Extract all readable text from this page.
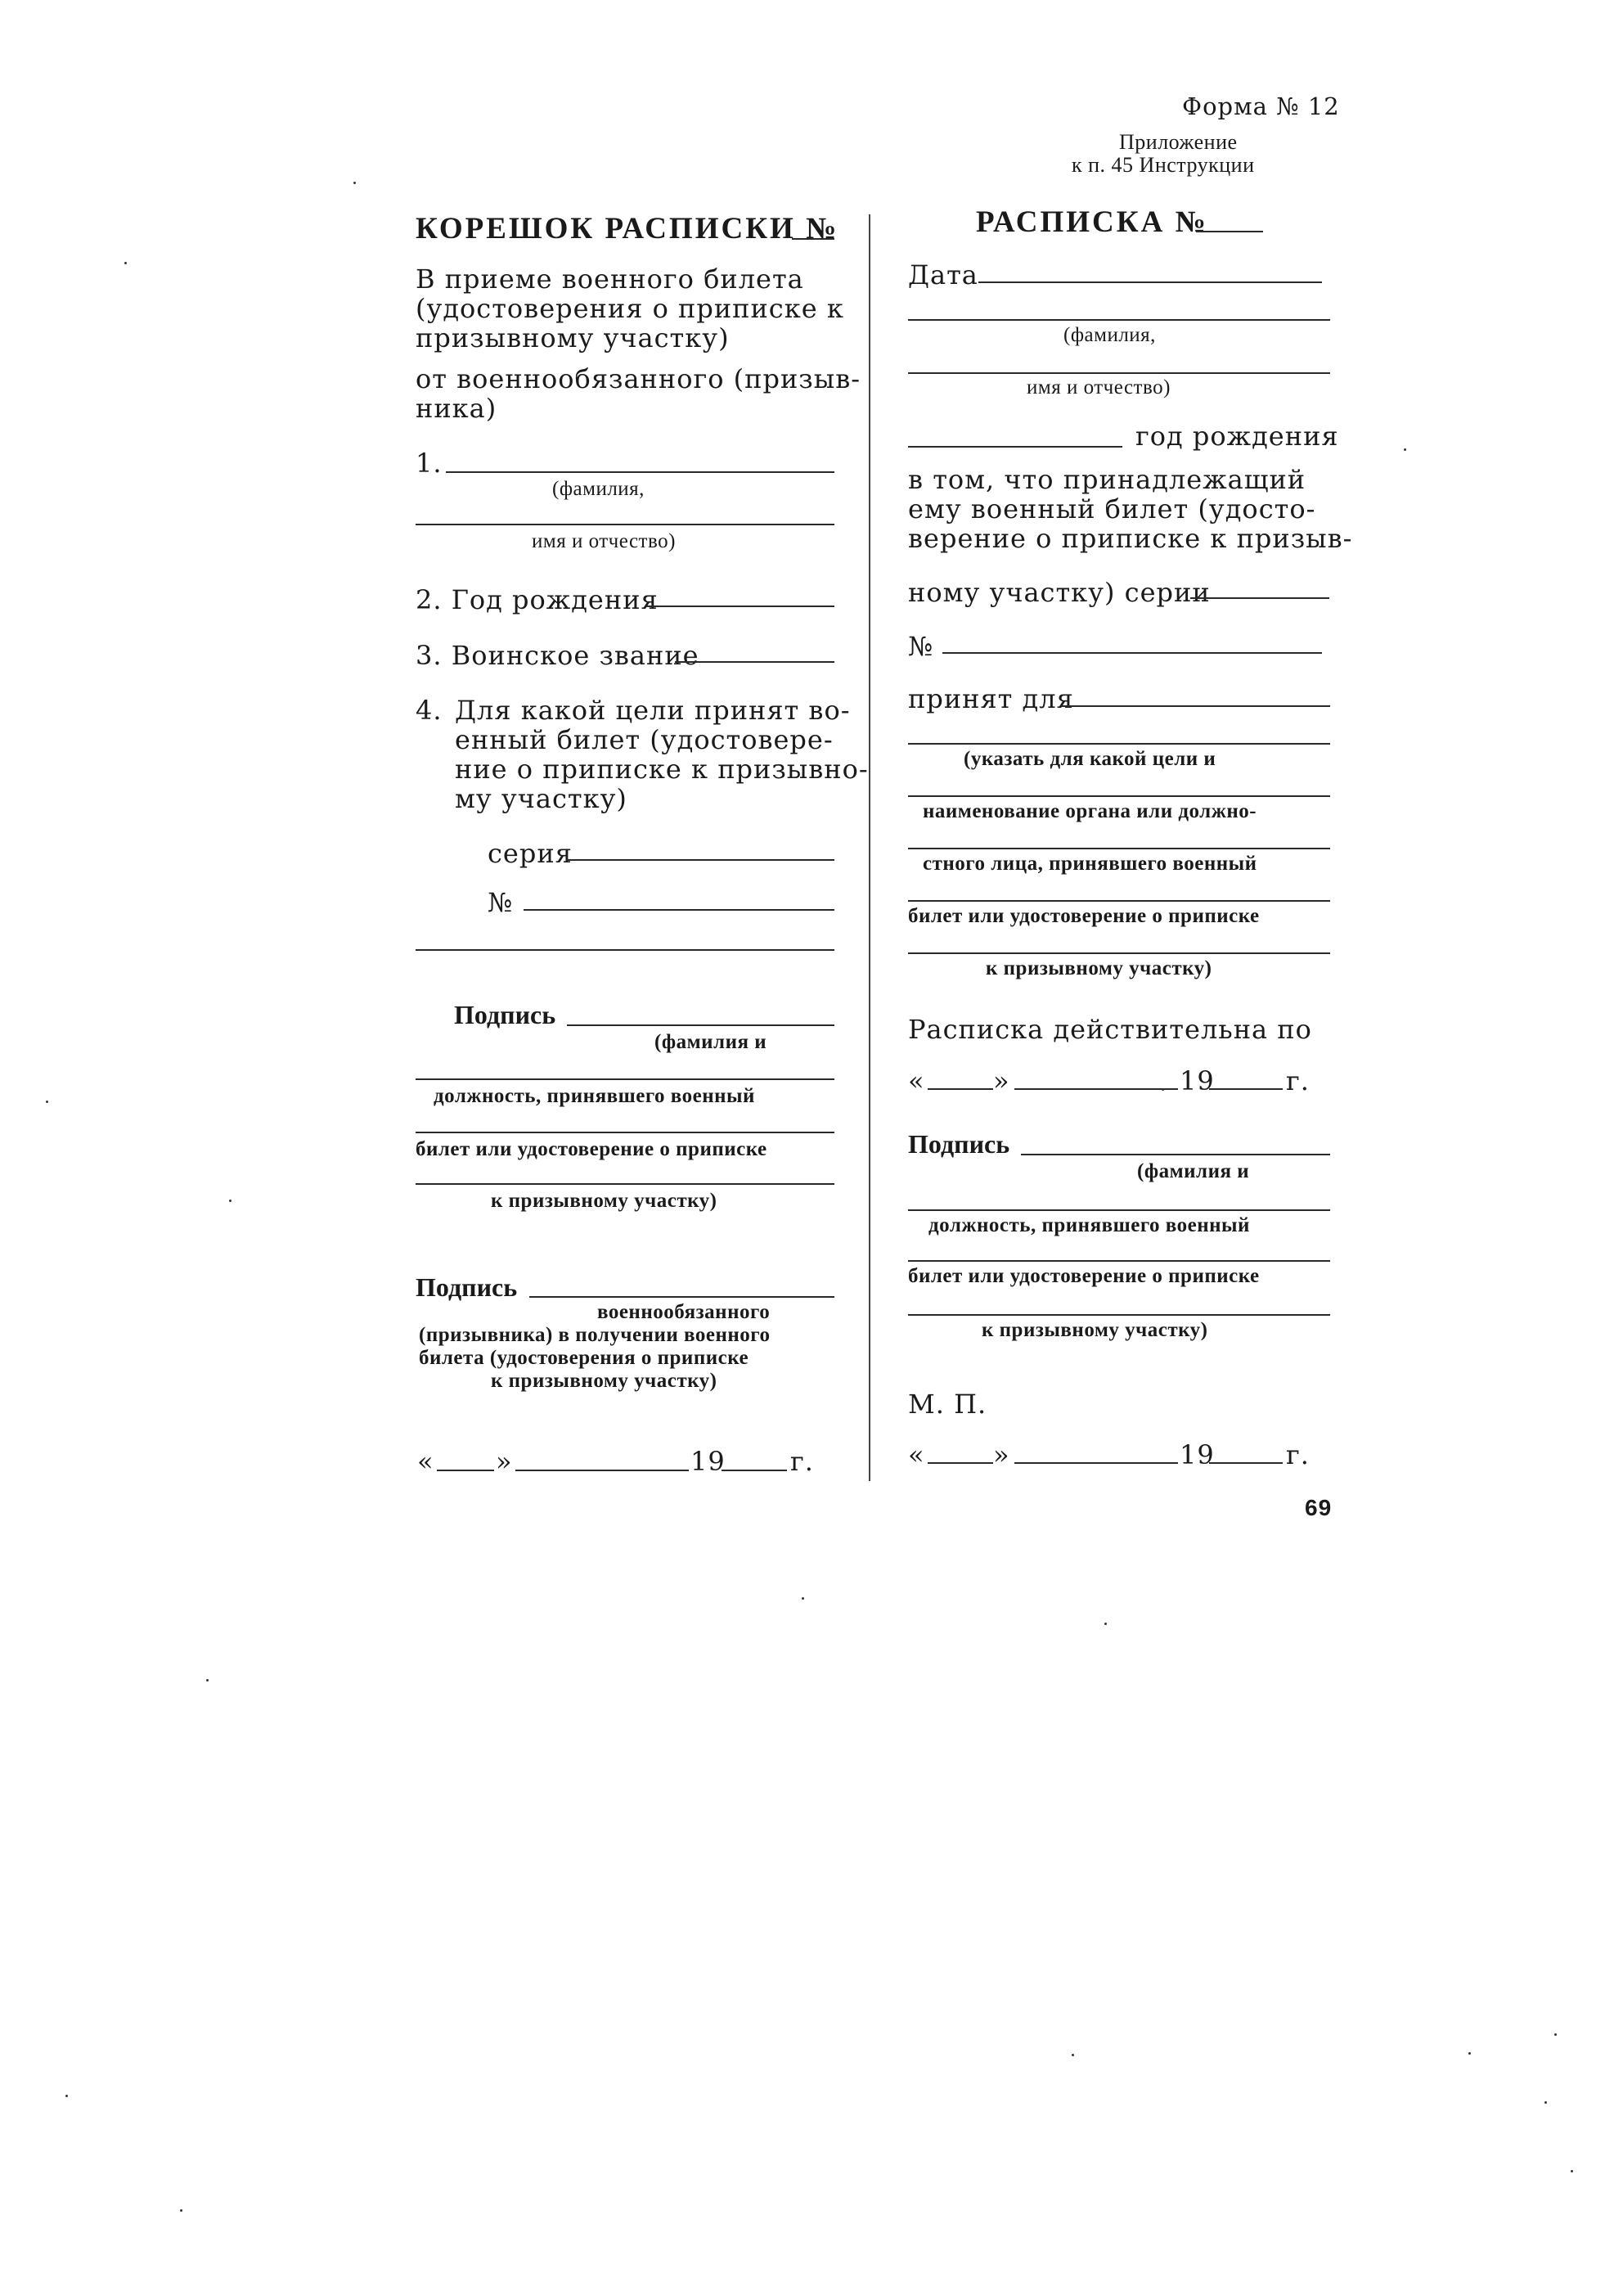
Форма № 12
Приложение
к п. 45 Инструкции
КОРЕШОК РАСПИСКИ №
В приеме военного билета
(удостоверения о приписке к
призывному участку)
от военнообязанного (призыв-
ника)
1.
(фамилия,
имя и отчество)
2. Год рождения
3. Воинское звание
4. Для какой цели принят во-
енный билет (удостовере-
ние о приписке к призывно-
му участку)
серия
№
Подпись
(фамилия и
должность, принявшего военный
билет или удостоверение о приписке
к призывному участку)
Подпись
военнообязанного
(призывника) в получении военного
билета (удостоверения о приписке
к призывному участку)
« »	19 г.
РАСПИСКА №
Дата
(фамилия,
имя и отчество)
год рождения
в том, что принадлежащий
ему военный билет (удосто-
верение о приписке к призыв-
ному участку) серии
№
принят для
(указать для какой цели и
наименование органа или должно-
стного лица, принявшего военный
билет или удостоверение о приписке
к призывному участку)
Расписка действительна по
«	»	19	г.
Подпись
(фамилия и
должность, принявшего военный
билет или удостоверение о приписке
к призывному участку)
М. П.
«	»	19	г.
69
